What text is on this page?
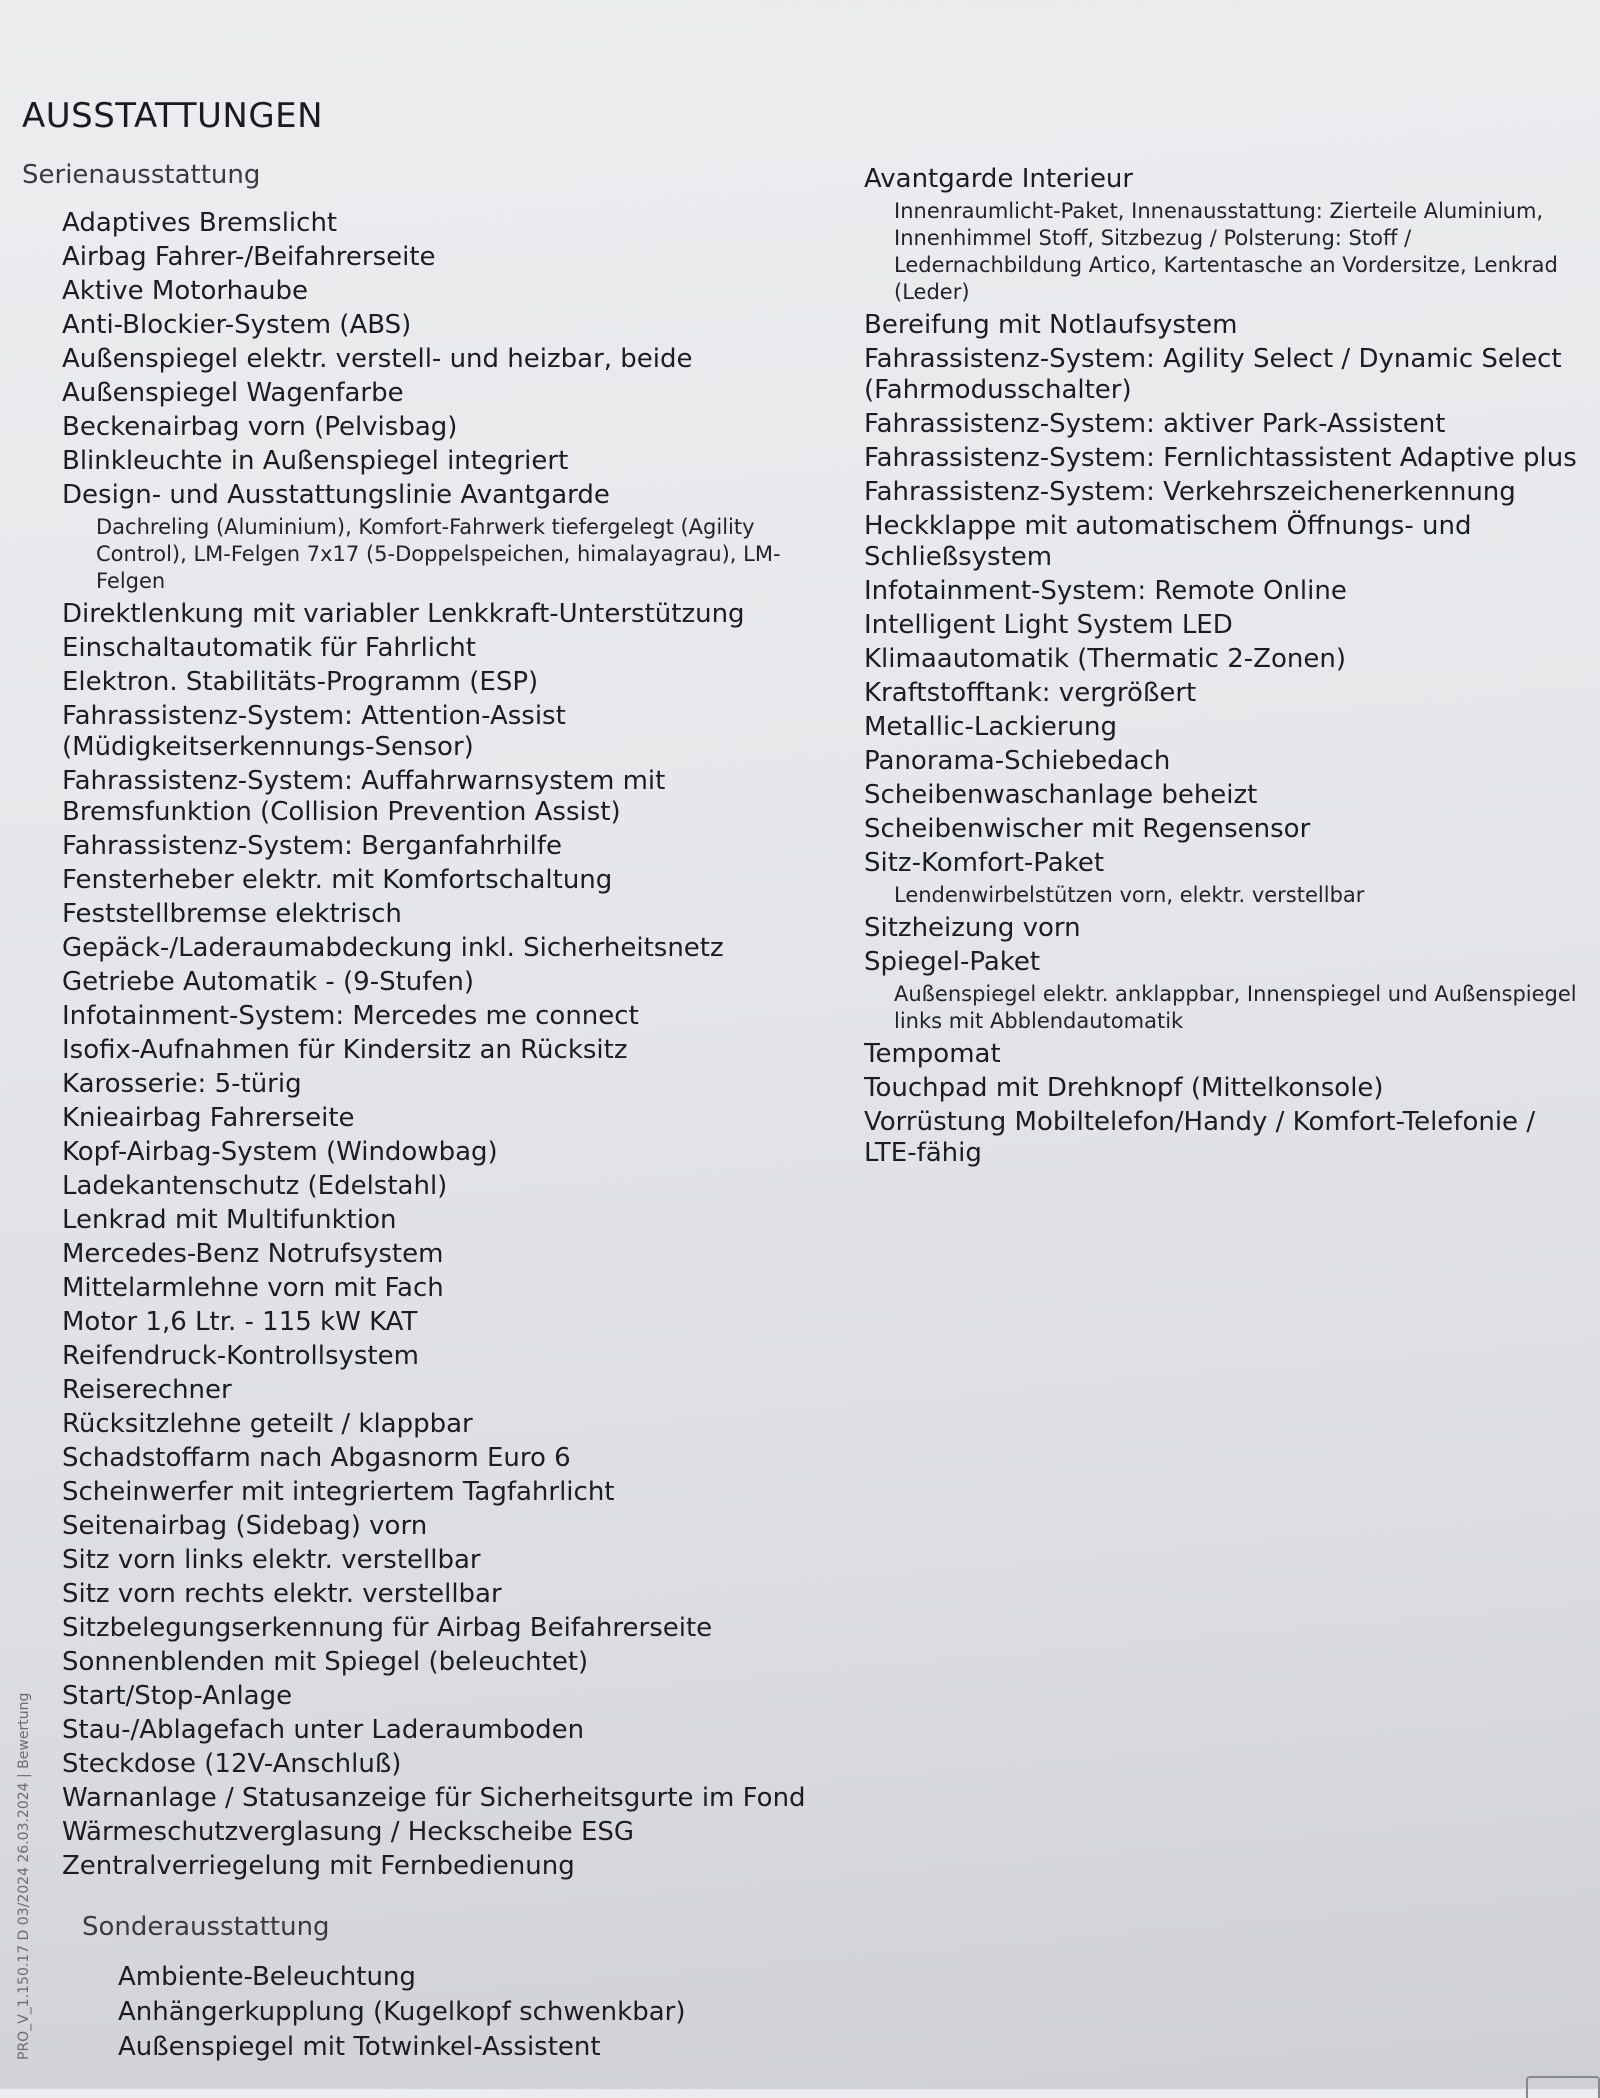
AUSSTATTUNGEN

Serienausstattung

Adaptives Bremslicht

Airbag Fahrer-/Beifahrerseite

Aktive Motorhaube

Anti-Blockier-System (ABS)

Außenspiegel elektr. verstell- und heizbar, beide

Außenspiegel Wagenfarbe

Beckenairbag vorn (Pelvisbag)

Blinkleuchte in Außenspiegel integriert

Design- und Ausstattungslinie Avantgarde

Dachreling (Aluminium), Komfort-Fahrwerk tiefergelegt (Agility Control), LM-Felgen 7x17 (5-Doppelspeichen, himalayagrau), LM-Felgen

Direktlenkung mit variabler Lenkkraft-Unterstützung

Einschaltautomatik für Fahrlicht

Elektron. Stabilitäts-Programm (ESP)

Fahrassistenz-System: Attention-Assist (Müdigkeitserkennungs-Sensor)

Fahrassistenz-System: Auffahrwarnsystem mit Bremsfunktion (Collision Prevention Assist)

Fahrassistenz-System: Berganfahrhilfe

Fensterheber elektr. mit Komfortschaltung

Feststellbremse elektrisch

Gepäck-/Laderaumabdeckung inkl. Sicherheitsnetz

Getriebe Automatik - (9-Stufen)

Infotainment-System: Mercedes me connect

Isofix-Aufnahmen für Kindersitz an Rücksitz

Karosserie: 5-türig

Knieairbag Fahrerseite

Kopf-Airbag-System (Windowbag)

Ladekantenschutz (Edelstahl)

Lenkrad mit Multifunktion

Mercedes-Benz Notrufsystem

Mittelarmlehne vorn mit Fach

Motor 1,6 Ltr. - 115 kW KAT

Reifendruck-Kontrollsystem

Reiserechner

Rücksitzlehne geteilt / klappbar

Schadstoffarm nach Abgasnorm Euro 6

Scheinwerfer mit integriertem Tagfahrlicht

Seitenairbag (Sidebag) vorn

Sitz vorn links elektr. verstellbar

Sitz vorn rechts elektr. verstellbar

Sitzbelegungserkennung für Airbag Beifahrerseite

Sonnenblenden mit Spiegel (beleuchtet)

Start/Stop-Anlage

Stau-/Ablagefach unter Laderaumboden

Steckdose (12V-Anschluß)

Warnanlage / Statusanzeige für Sicherheitsgurte im Fond

Wärmeschutzverglasung / Heckscheibe ESG

Zentralverriegelung mit Fernbedienung

Sonderausstattung

Ambiente-Beleuchtung

Anhängerkupplung (Kugelkopf schwenkbar)

Außenspiegel mit Totwinkel-Assistent

Avantgarde Interieur

Innenraumlicht-Paket, Innenausstattung: Zierteile Aluminium, Innenhimmel Stoff, Sitzbezug / Polsterung: Stoff / Ledernachbildung Artico, Kartentasche an Vordersitze, Lenkrad (Leder)

Bereifung mit Notlaufsystem

Fahrassistenz-System: Agility Select / Dynamic Select (Fahrmodusschalter)

Fahrassistenz-System: aktiver Park-Assistent

Fahrassistenz-System: Fernlichtassistent Adaptive plus

Fahrassistenz-System: Verkehrszeichenerkennung

Heckklappe mit automatischem Öffnungs- und Schließsystem

Infotainment-System: Remote Online

Intelligent Light System LED

Klimaautomatik (Thermatic 2-Zonen)

Kraftstofftank: vergrößert

Metallic-Lackierung

Panorama-Schiebedach

Scheibenwaschanlage beheizt

Scheibenwischer mit Regensensor

Sitz-Komfort-Paket

Lendenwirbelstützen vorn, elektr. verstellbar

Sitzheizung vorn

Spiegel-Paket

Außenspiegel elektr. anklappbar, Innenspiegel und Außenspiegel links mit Abblendautomatik

Tempomat

Touchpad mit Drehknopf (Mittelkonsole)

Vorrüstung Mobiltelefon/Handy / Komfort-Telefonie / LTE-fähig

PRO_V_1.150.17 D 03/2024 26.03.2024 | Bewertung
